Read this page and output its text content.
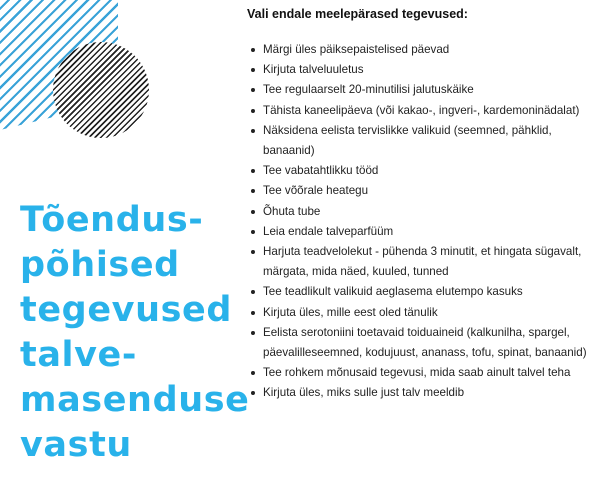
Tõendus-
põhised
tegevused
talve-
masenduse
vastu

Vali endale meelepärased tegevused:

Märgi üles päiksepaistelised päevad
Kirjuta talveluuletus
Tee regulaarselt 20-minutilisi jalutuskäike
Tähista kaneelipäeva (või kakao-, ingveri-, kardemoninädalat)
Näksidena eelista tervislikke valikuid (seemned, pähklid, banaanid)
Tee vabatahtlikku tööd
Tee võõrale heategu
Õhuta tube
Leia endale talveparfüüm
Harjuta teadvelolekut - pühenda 3 minutit, et hingata sügavalt, märgata, mida näed, kuuled, tunned
Tee teadlikult valikuid aeglasema elutempo kasuks
Kirjuta üles, mille eest oled tänulik
Eelista serotoniini toetavaid toiduaineid (kalkunilha, spargel, päevalilleseemned, kodujuust, ananass, tofu, spinat, banaanid)
Tee rohkem mõnusaid tegevusi, mida saab ainult talvel teha
Kirjuta üles, miks sulle just talv meeldib
